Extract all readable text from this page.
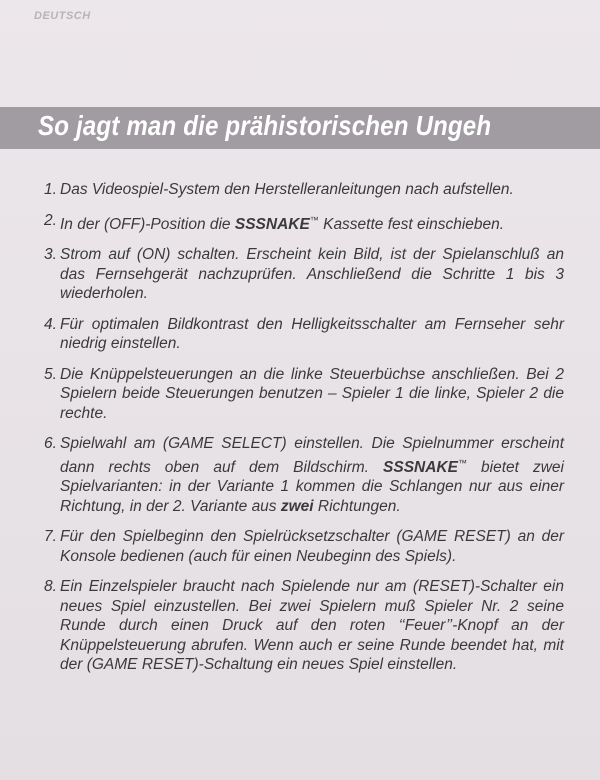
DEUTSCH
So jagt man die prähistorischen Ungeh
1. Das Videospiel-System den Herstelleranleitungen nach aufstellen.
2. In der (OFF)-Position die SSSNAKE™ Kassette fest einschieben.
3. Strom auf (ON) schalten. Erscheint kein Bild, ist der Spielanschluß an das Fernsehgerät nachzuprüfen. Anschließend die Schritte 1 bis 3 wiederholen.
4. Für optimalen Bildkontrast den Helligkeitsschalter am Fernseher sehr niedrig einstellen.
5. Die Knüppelsteuerungen an die linke Steuerbüchse anschließen. Bei 2 Spielern beide Steuerungen benutzen – Spieler 1 die linke, Spieler 2 die rechte.
6. Spielwahl am (GAME SELECT) einstellen. Die Spielnummer erscheint dann rechts oben auf dem Bildschirm. SSSNAKE™ bietet zwei Spielvarianten: in der Variante 1 kommen die Schlangen nur aus einer Richtung, in der 2. Variante aus zwei Richtungen.
7. Für den Spielbeginn den Spielrücksetzschalter (GAME RESET) an der Konsole bedienen (auch für einen Neubeginn des Spiels).
8. Ein Einzelspieler braucht nach Spielende nur am (RESET)-Schalter ein neues Spiel einzustellen. Bei zwei Spielern muß Spieler Nr. 2 seine Runde durch einen Druck auf den roten ‘‘Feuer’’-Knopf an der Knüppelsteuerung abrufen. Wenn auch er seine Runde beendet hat, mit der (GAME RESET)-Schaltung ein neues Spiel einstellen.
